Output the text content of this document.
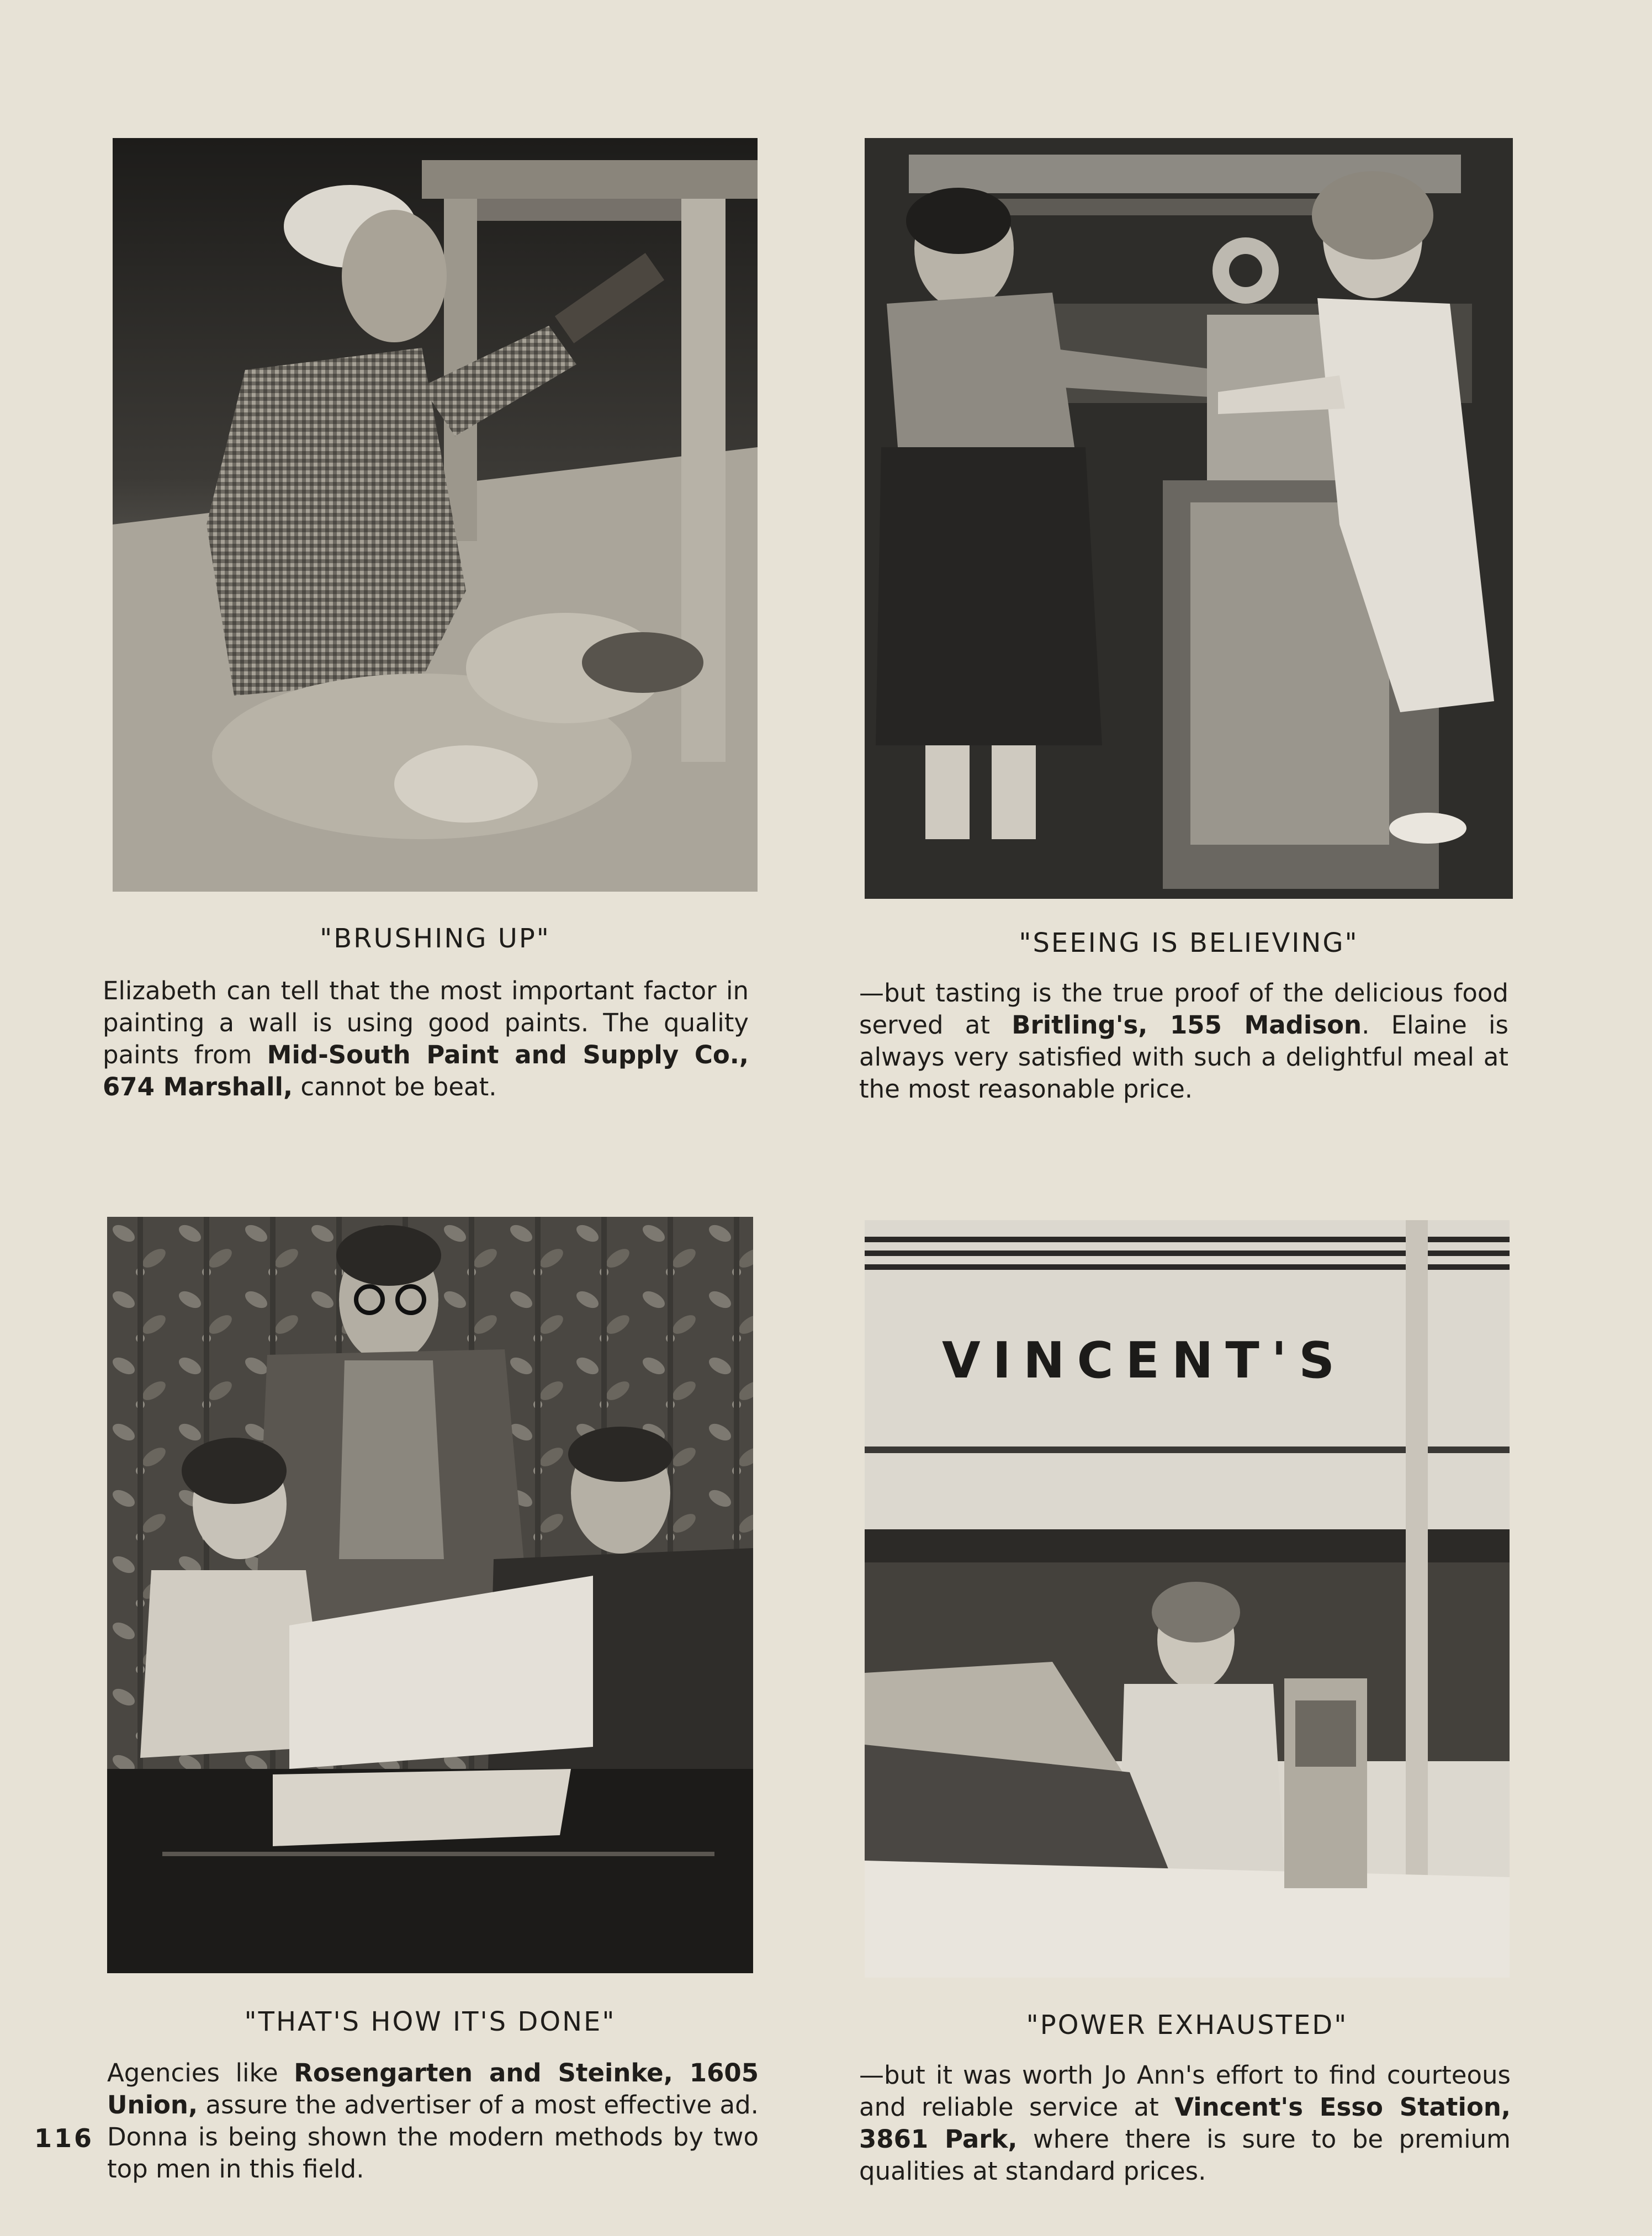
VINCENT'S
"BRUSHING UP"
Elizabeth can tell that the most important factor in painting a wall is using good paints. The quality paints from Mid-South Paint and Supply Co., 674 Marshall, cannot be beat.
"SEEING IS BELIEVING"
—but tasting is the true proof of the delicious food served at Britling's, 155 Madison. Elaine is always very satisfied with such a delightful meal at the most reasonable price.
"THAT'S HOW IT'S DONE"
Agencies like Rosengarten and Steinke, 1605 Union, assure the advertiser of a most effective ad. Donna is being shown the modern methods by two top men in this field.
"POWER EXHAUSTED"
—but it was worth Jo Ann's effort to find courteous and reliable service at Vincent's Esso Station, 3861 Park, where there is sure to be premium qualities at standard prices.
116
